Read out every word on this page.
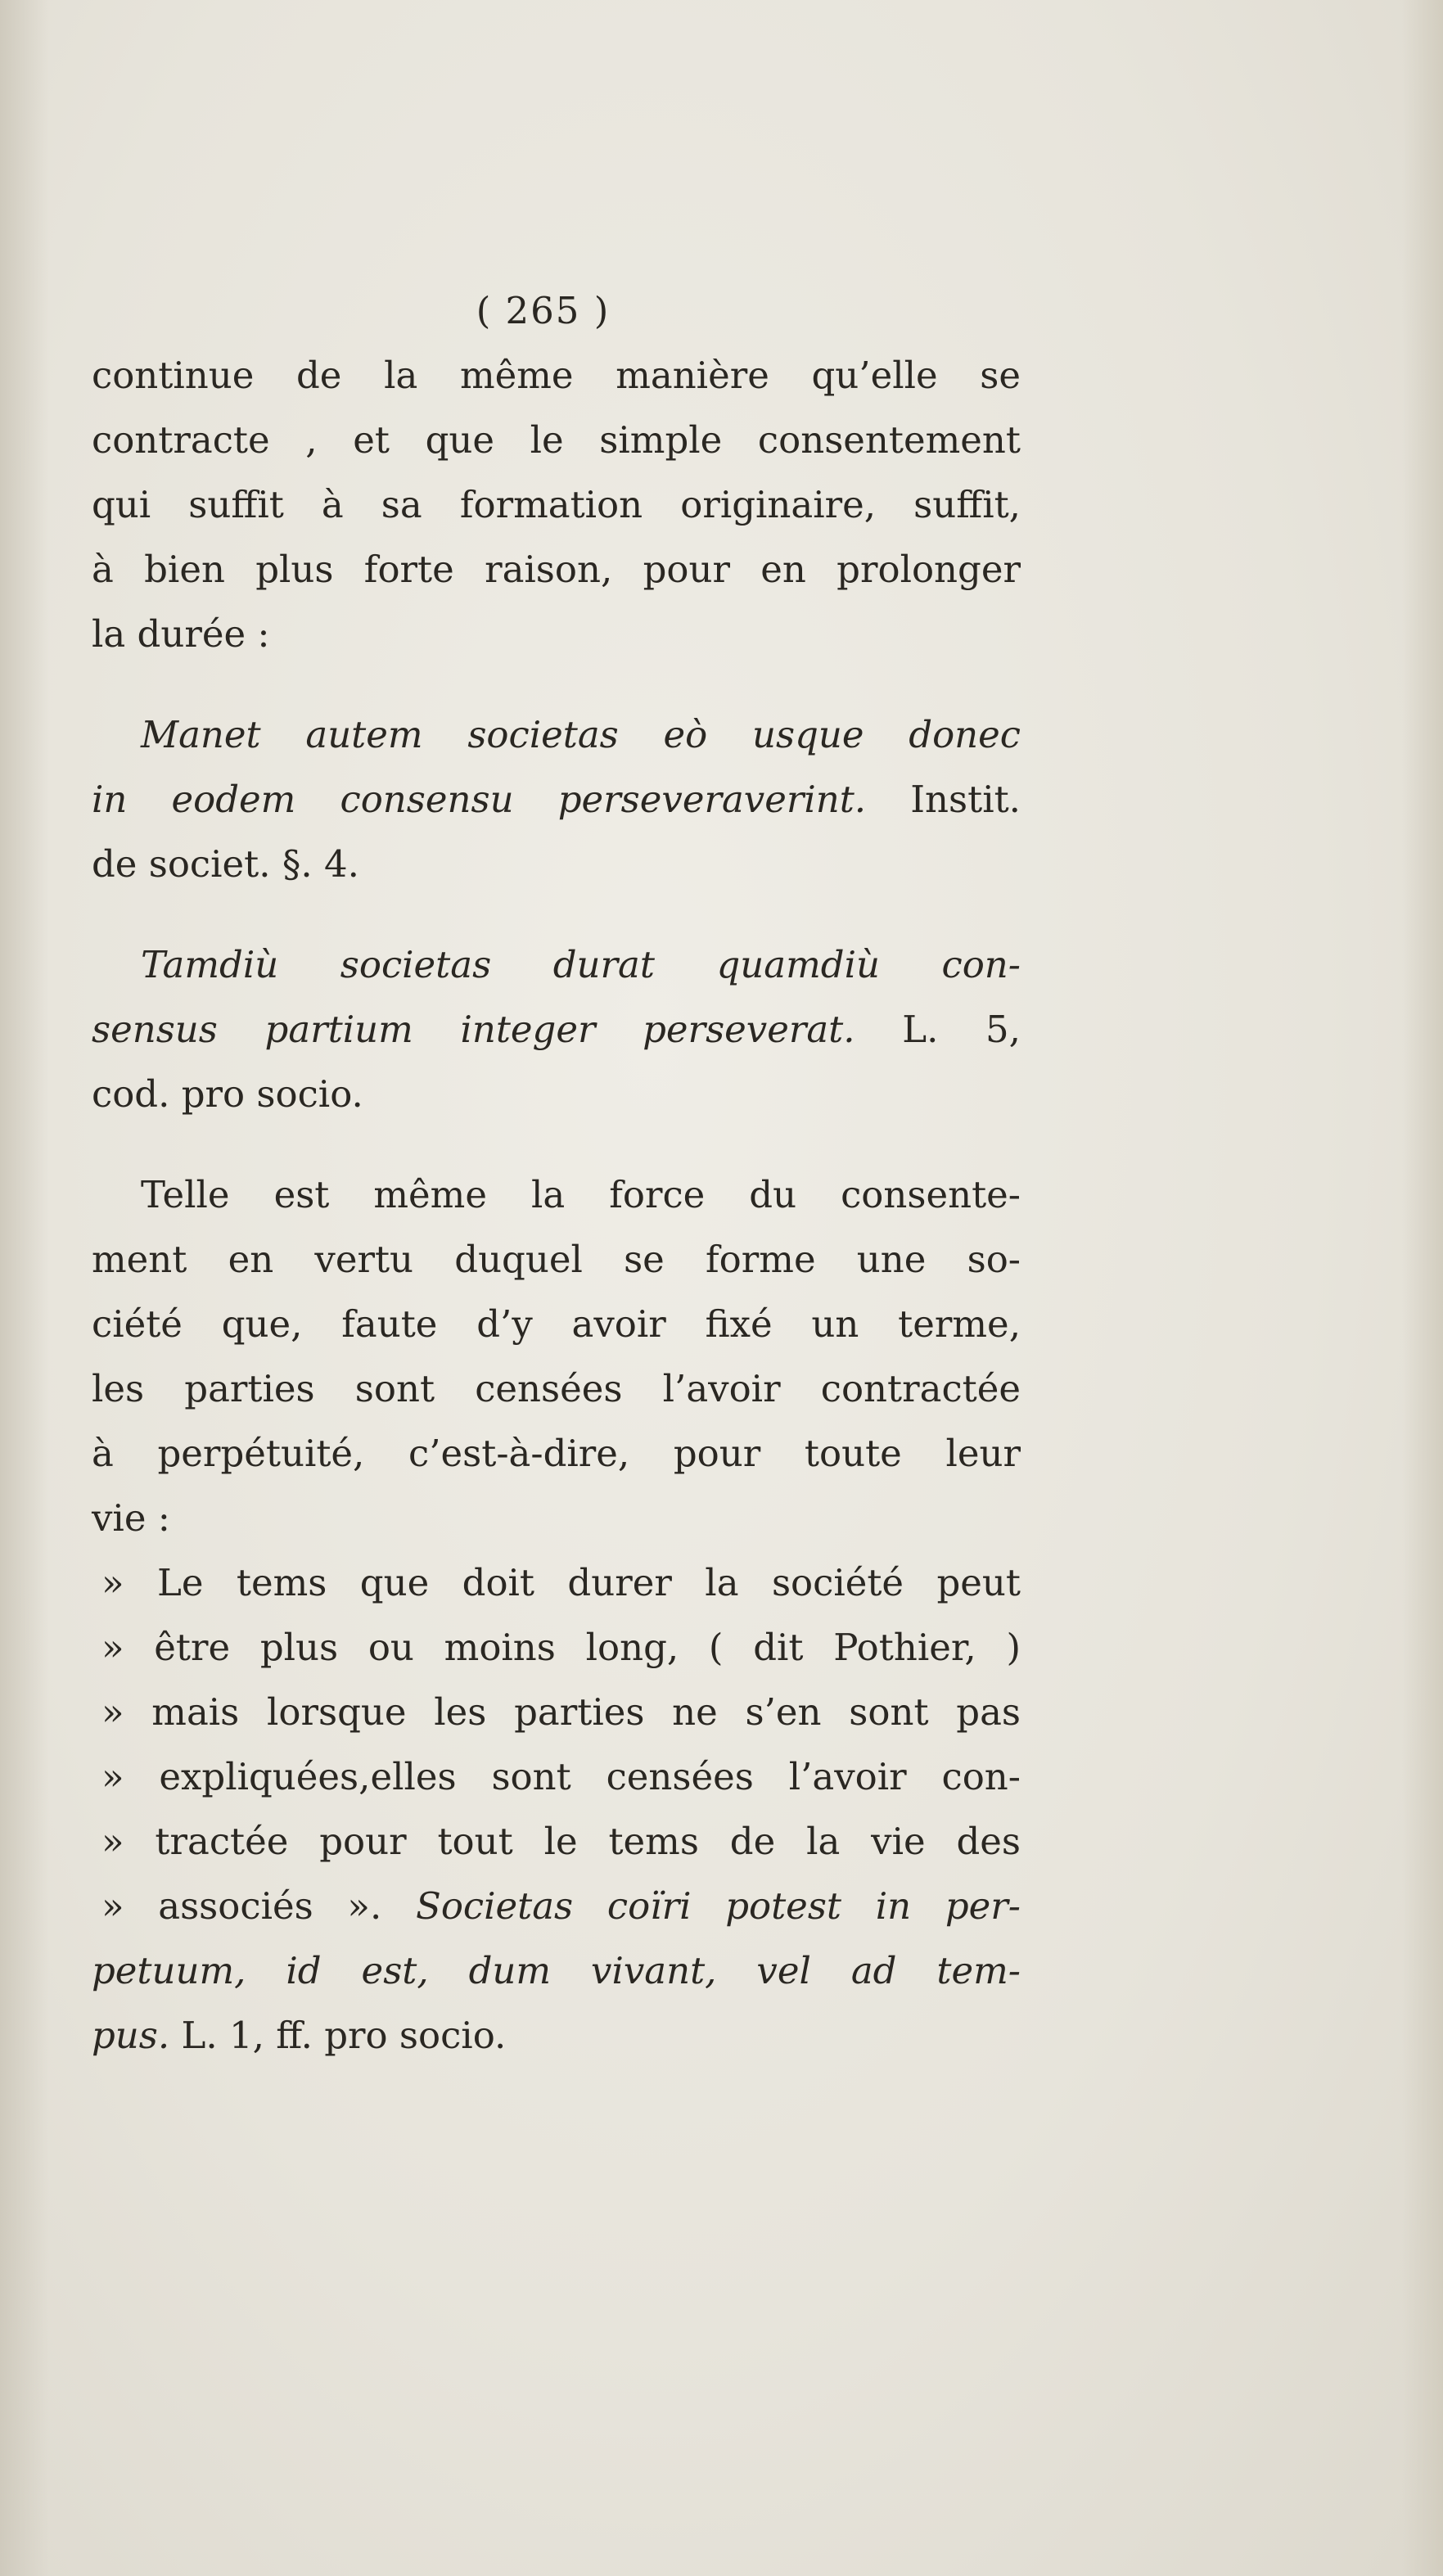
( 265 )
continue de la même manière qu’elle se
contracte , et que le simple consentement
qui suffit à sa formation originaire, suffit,
à bien plus forte raison, pour en prolonger
la durée :
Manet autem societas eò usque donec
in eodem consensu perseveraverint. Instit.
de societ. §. 4.
Tamdiù societas durat quamdiù con-
sensus partium integer perseverat. L. 5,
cod. pro socio.
Telle est même la force du consente-
ment en vertu duquel se forme une so-
ciété que, faute d’y avoir fixé un terme,
les parties sont censées l’avoir contractée
à perpétuité, c’est-à-dire, pour toute leur
vie :
» Le tems que doit durer la société peut
» être plus ou moins long, ( dit Pothier, )
» mais lorsque les parties ne s’en sont pas
» expliquées,elles sont censées l’avoir con-
» tractée pour tout le tems de la vie des
» associés ». Societas coïri potest in per-
petuum, id est, dum vivant, vel ad tem-
pus. L. 1, ff. pro socio.
